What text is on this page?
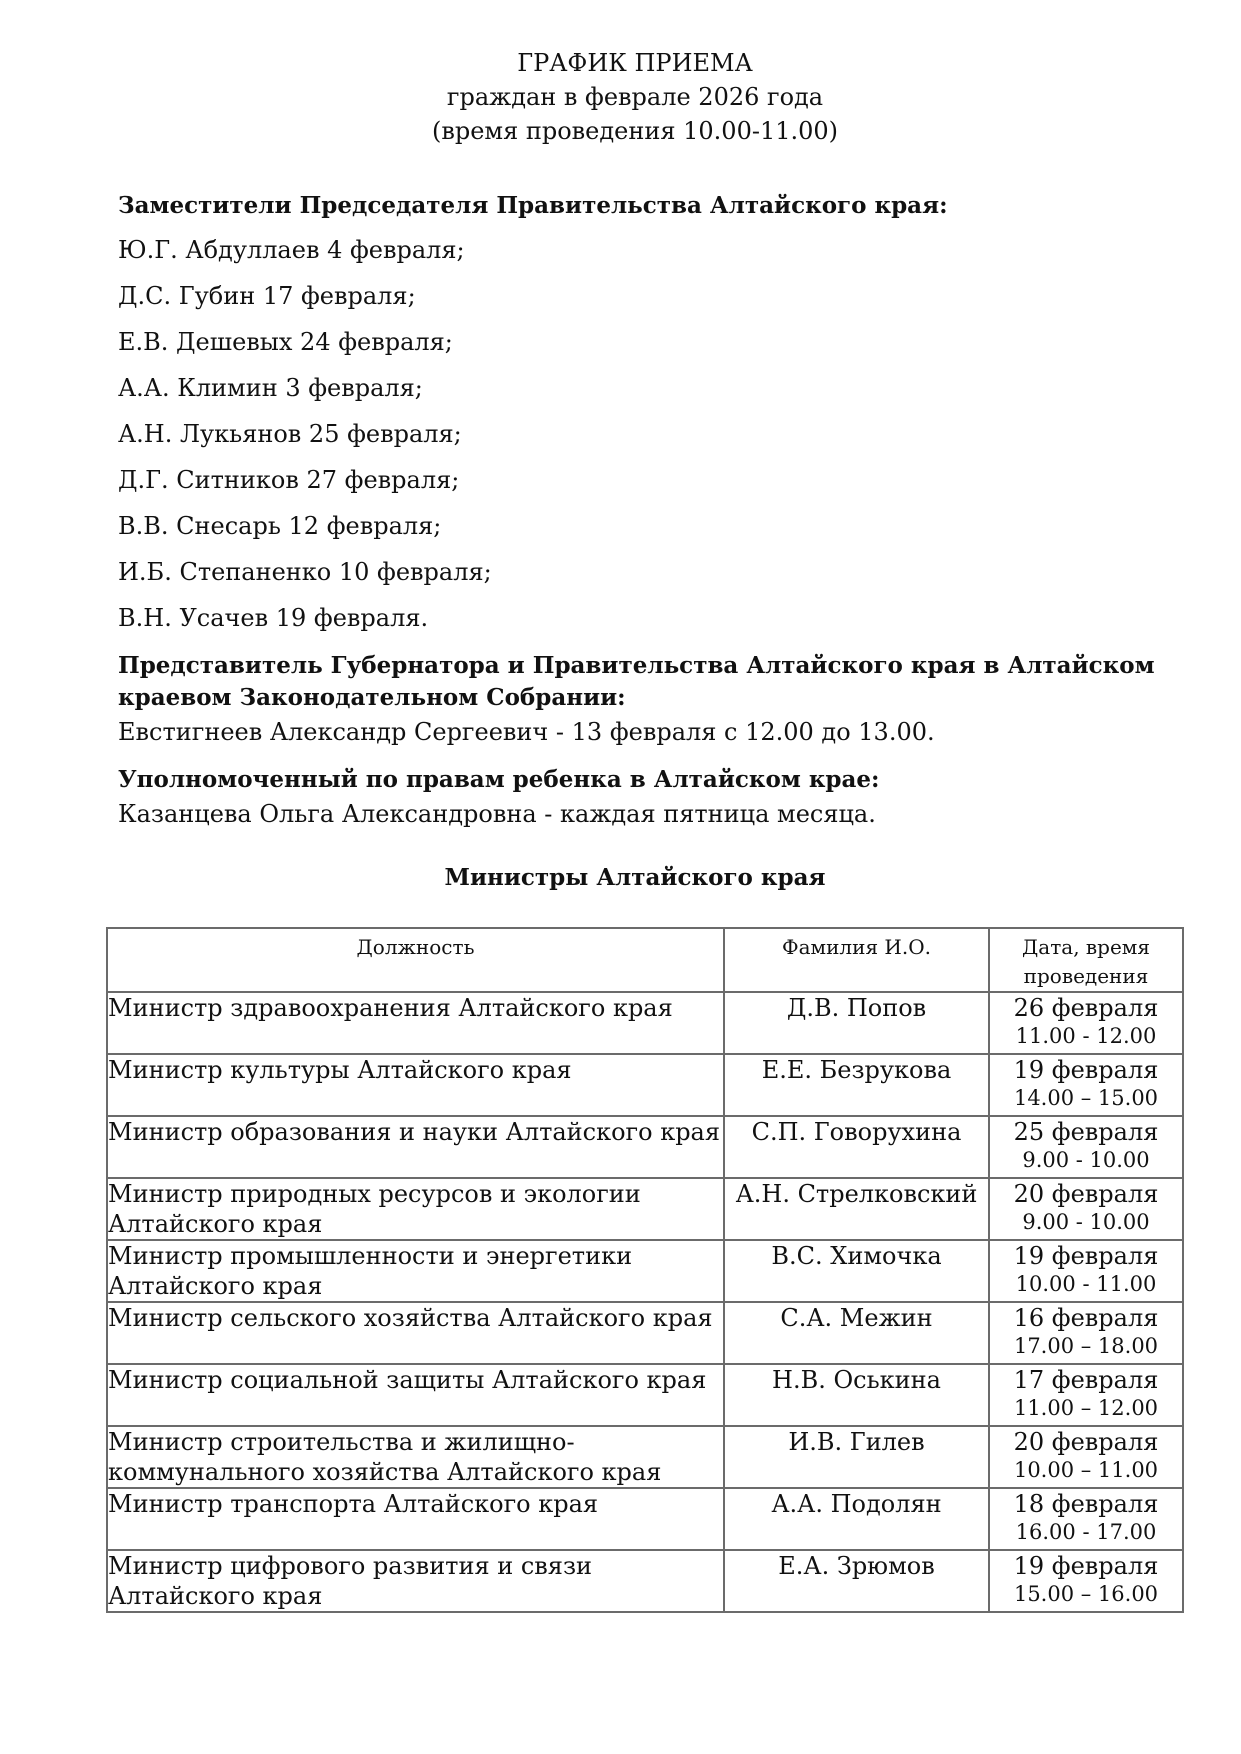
ГРАФИК ПРИЕМА
граждан в феврале 2026 года
(время проведения 10.00-11.00)
Заместители Председателя Правительства Алтайского края:
Ю.Г. Абдуллаев 4 февраля;
Д.С. Губин 17 февраля;
Е.В. Дешевых 24 февраля;
А.А. Климин 3 февраля;
А.Н. Лукьянов 25 февраля;
Д.Г. Ситников 27 февраля;
В.В. Снесарь 12 февраля;
И.Б. Степаненко 10 февраля;
В.Н. Усачев 19 февраля.
Представитель Губернатора и Правительства Алтайского края в Алтайском
краевом Законодательном Собрании:
Евстигнеев Александр Сергеевич - 13 февраля с 12.00 до 13.00.
Уполномоченный по правам ребенка в Алтайском крае:
Казанцева Ольга Александровна - каждая пятница месяца.
Министры Алтайского края
Должность	Фамилия И.О.	Дата, время проведения
Министр здравоохранения Алтайского края	Д.В. Попов	26 февраля
11.00 - 12.00

Министр культуры Алтайского края	Е.Е. Безрукова	19 февраля
14.00 – 15.00

Министр образования и науки Алтайского края	С.П. Говорухина	25 февраля
9.00 - 10.00

Министр природных ресурсов и экологии Алтайского края	А.Н. Стрелковский	20 февраля
9.00 - 10.00

Министр промышленности и энергетики Алтайского края	В.С. Химочка	19 февраля
10.00 - 11.00

Министр сельского хозяйства Алтайского края	С.А. Межин	16 февраля
17.00 – 18.00

Министр социальной защиты Алтайского края	Н.В. Оськина	17 февраля
11.00 – 12.00

Министр строительства и жилищно-коммунального хозяйства Алтайского края	И.В. Гилев	20 февраля
10.00 – 11.00

Министр транспорта Алтайского края	А.А. Подолян	18 февраля
16.00 - 17.00

Министр цифрового развития и связи Алтайского края	Е.А. Зрюмов	19 февраля
15.00 – 16.00
